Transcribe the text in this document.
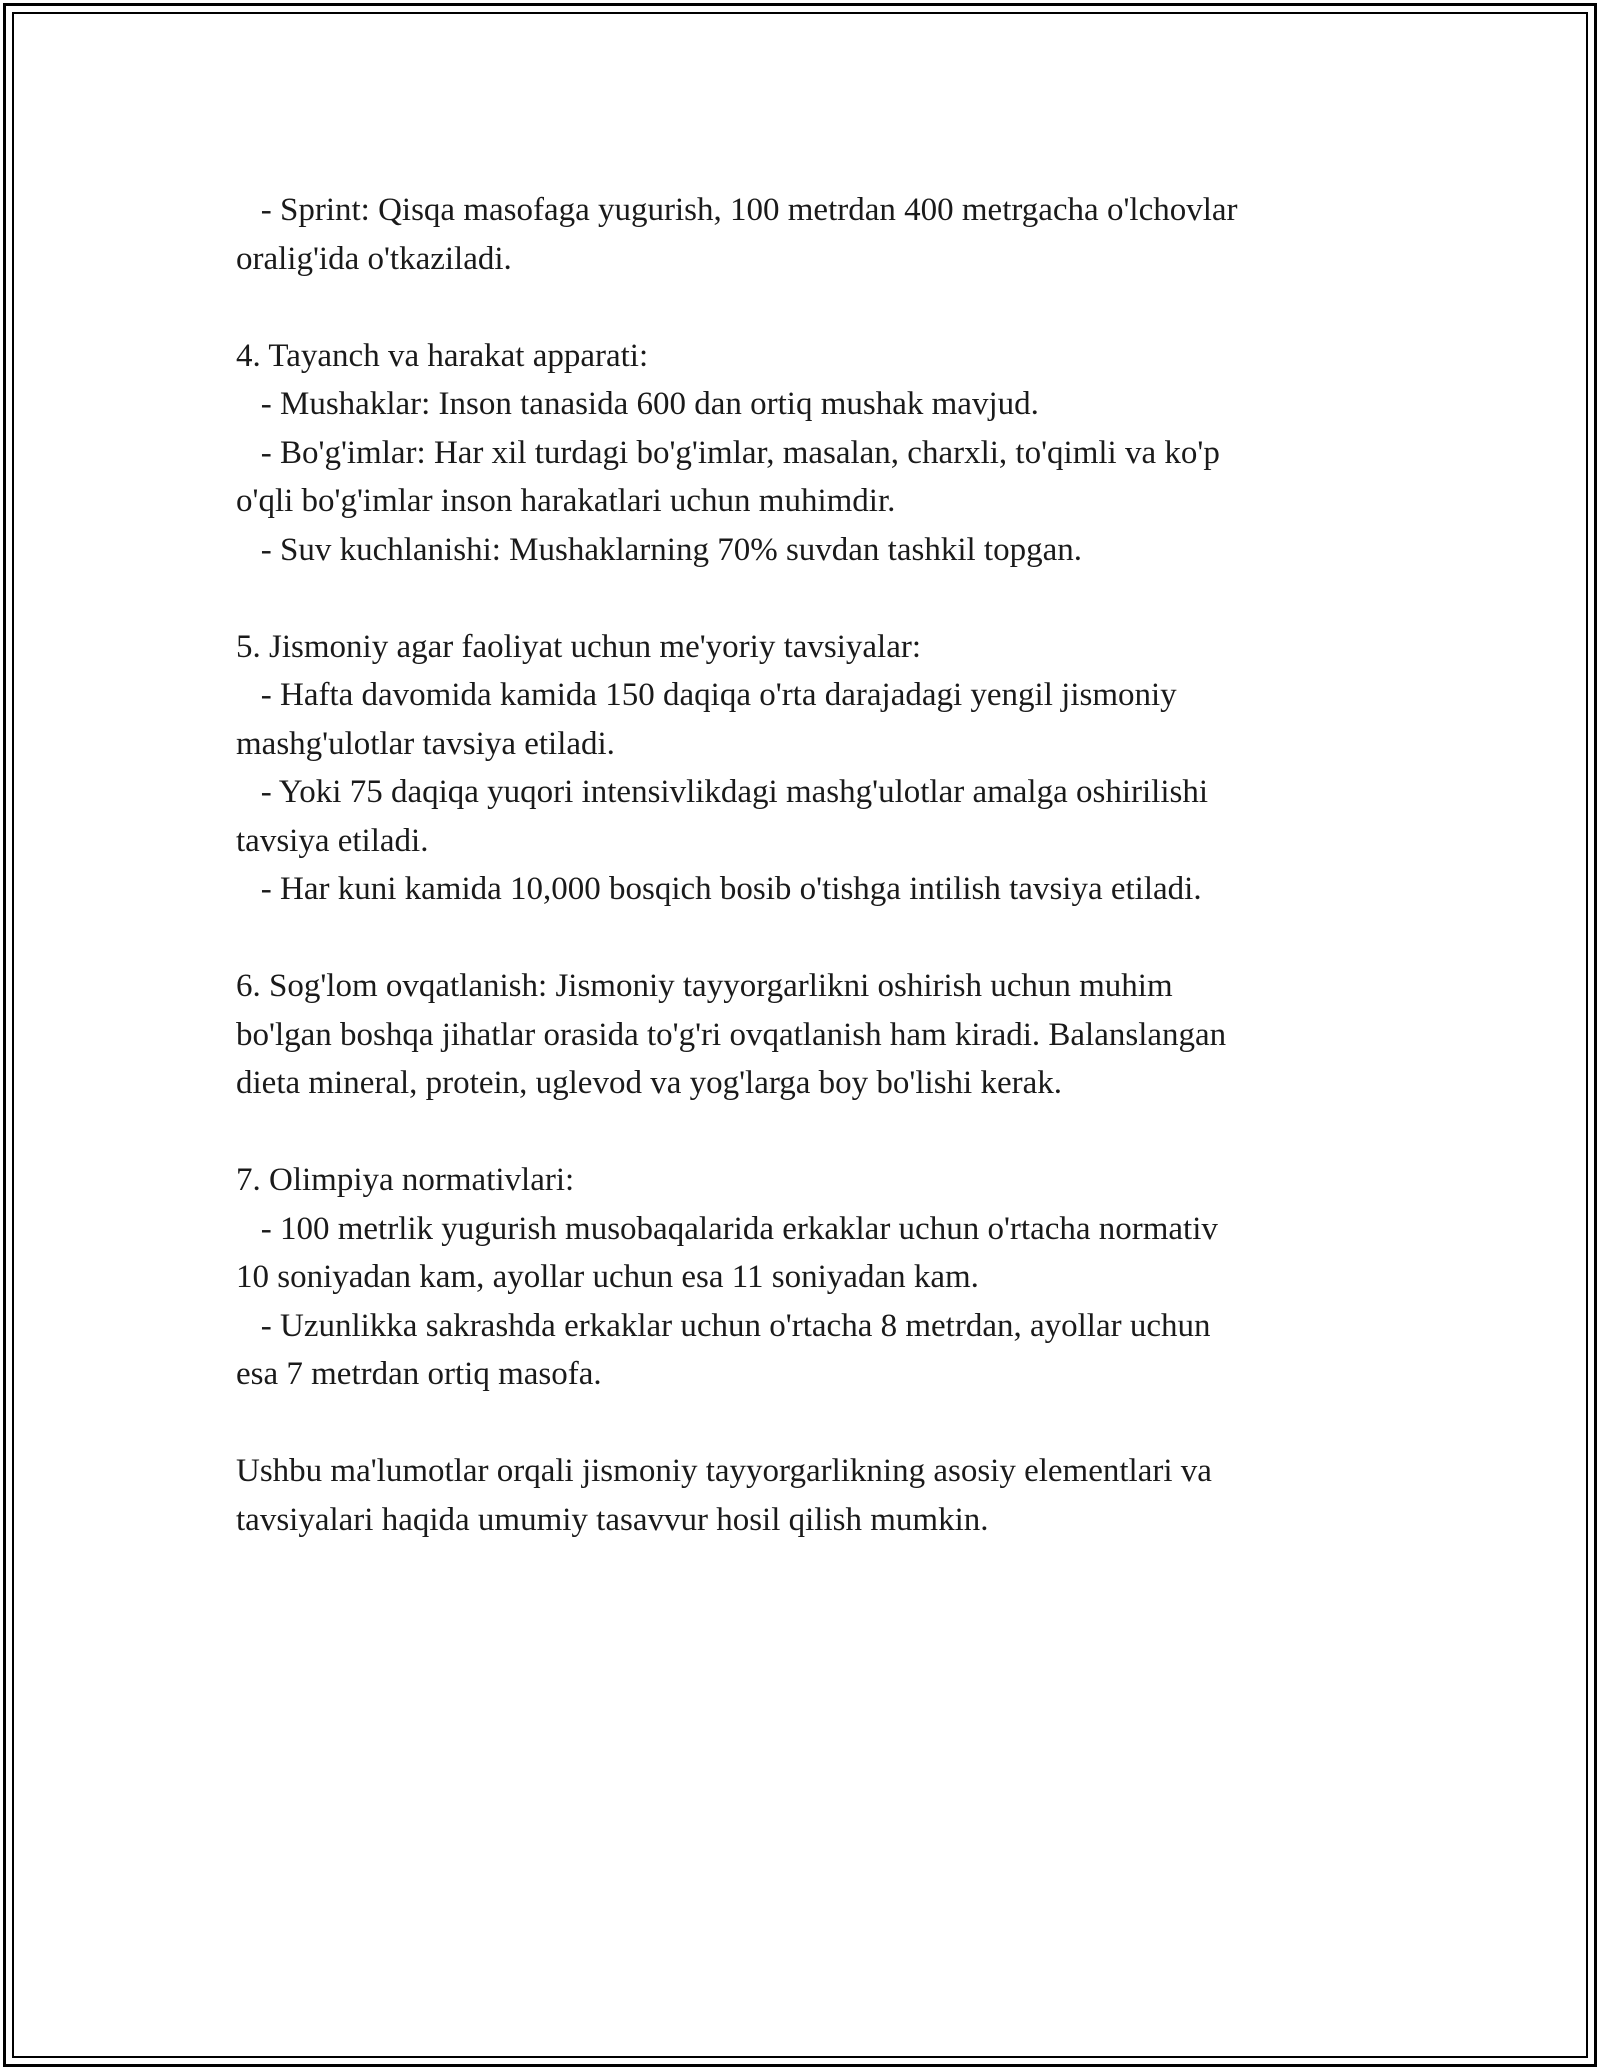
- Sprint: Qisqa masofaga yugurish, 100 metrdan 400 metrgacha o'lchovlar
oralig'ida o'tkaziladi.
4. Tayanch va harakat apparati:
- Mushaklar: Inson tanasida 600 dan ortiq mushak mavjud.
- Bo'g'imlar: Har xil turdagi bo'g'imlar, masalan, charxli, to'qimli va ko'p
o'qli bo'g'imlar inson harakatlari uchun muhimdir.
- Suv kuchlanishi: Mushaklarning 70% suvdan tashkil topgan.
5. Jismoniy agar faoliyat uchun me'yoriy tavsiyalar:
- Hafta davomida kamida 150 daqiqa o'rta darajadagi yengil jismoniy
mashg'ulotlar tavsiya etiladi.
- Yoki 75 daqiqa yuqori intensivlikdagi mashg'ulotlar amalga oshirilishi
tavsiya etiladi.
- Har kuni kamida 10,000 bosqich bosib o'tishga intilish tavsiya etiladi.
6. Sog'lom ovqatlanish: Jismoniy tayyorgarlikni oshirish uchun muhim
bo'lgan boshqa jihatlar orasida to'g'ri ovqatlanish ham kiradi. Balanslangan
dieta mineral, protein, uglevod va yog'larga boy bo'lishi kerak.
7. Olimpiya normativlari:
- 100 metrlik yugurish musobaqalarida erkaklar uchun o'rtacha normativ
10 soniyadan kam, ayollar uchun esa 11 soniyadan kam.
- Uzunlikka sakrashda erkaklar uchun o'rtacha 8 metrdan, ayollar uchun
esa 7 metrdan ortiq masofa.
Ushbu ma'lumotlar orqali jismoniy tayyorgarlikning asosiy elementlari va
tavsiyalari haqida umumiy tasavvur hosil qilish mumkin.
